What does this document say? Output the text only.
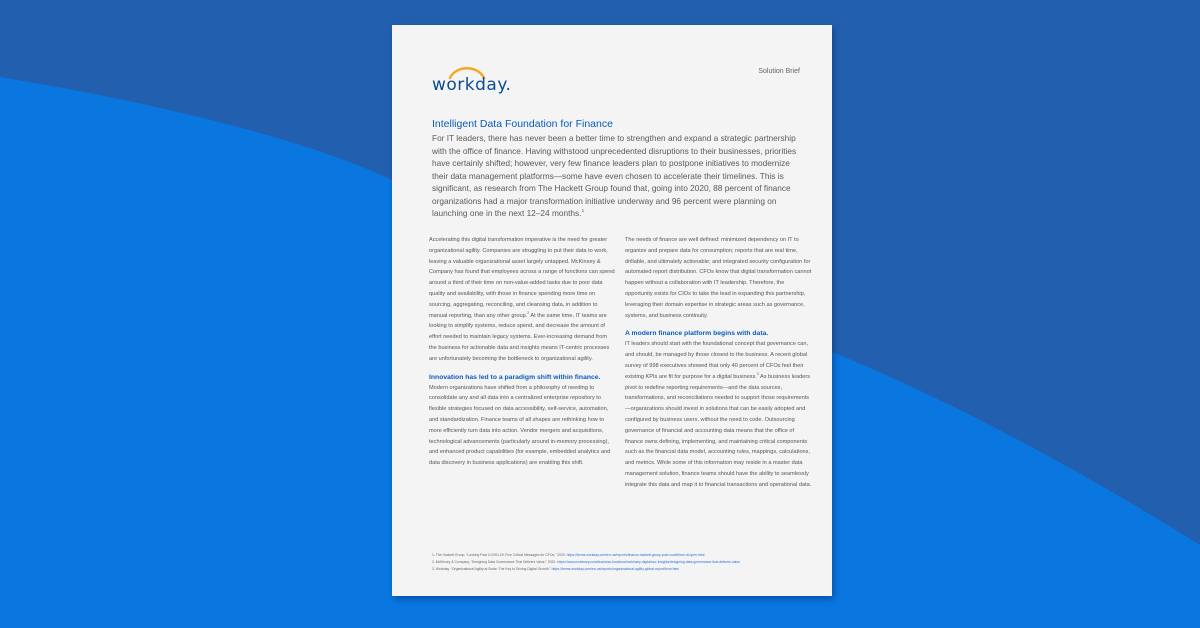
workday.
Solution Brief
Intelligent Data Foundation for Finance

For IT leaders, there has never been a better time to strengthen and expand a strategic partnership with the office of finance. Having withstood unprecedented disruptions to their businesses, priorities have certainly shifted; however, very few finance leaders plan to postpone initiatives to modernize their data management platforms—some have even chosen to accelerate their timelines. This is significant, as research from The Hackett Group found that, going into 2020, 88 percent of finance organizations had a major transformation initiative underway and 96 percent were planning on launching one in the next 12–24 months.$^1$

Accelerating this digital transformation imperative is the need for greater organizational agility. Companies are struggling to put their data to work, leaving a valuable organizational asset largely untapped. McKinsey & Company has found that employees across a range of functions can spend around a third of their time on non-value-added tasks due to poor data quality and availability, with those in finance spending more time on sourcing, aggregating, reconciling, and cleansing data, in addition to manual reporting, than any other group.$^2$ At the same time, IT teams are looking to simplify systems, reduce spend, and decrease the amount of effort needed to maintain legacy systems. Ever-increasing demand from the business for actionable data and insights means IT-centric processes are unfortunately becoming the bottleneck to organizational agility.

Innovation has led to a paradigm shift within finance.

Modern organizations have shifted from a philosophy of needing to consolidate any and all data into a centralized enterprise repository to flexible strategies focused on data accessibility, self-service, automation, and standardization. Finance teams of all shapes are rethinking how to more efficiently turn data into action. Vendor mergers and acquisitions, technological advancements (particularly around in-memory processing), and enhanced product capabilities (for example, embedded analytics and data discovery in business applications) are enabling this shift.

The needs of finance are well defined: minimized dependency on IT to organize and prepare data for consumption; reports that are real time, drillable, and ultimately actionable; and integrated security configuration for automated report distribution. CFOs know that digital transformation cannot happen without a collaboration with IT leadership. Therefore, the opportunity exists for CIOs to take the lead in expanding this partnership, leveraging their domain expertise in strategic areas such as governance, systems, and business continuity.

A modern finance platform begins with data.

IT leaders should start with the foundational concept that governance can, and should, be managed by those closest to the business. A recent global survey of 998 executives showed that only 40 percent of CFOs feel their existing KPIs are fit for purpose for a digital business.$^3$ As business leaders pivot to redefine reporting requirements—and the data sources, transformations, and reconciliations needed to support those requirements—organizations should invest in solutions that can be easily adopted and configured by business users, without the need to code. Outsourcing governance of financial and accounting data means that the office of finance owns defining, implementing, and maintaining critical components such as the financial data model, accounting rules, mappings, calculations, and metrics. While some of this information may reside in a master data management solution, finance teams should have the ability to seamlessly integrate this data and map it to financial transactions and operational data.

1. The Hackett Group, “Looking Past COVID-19: Five Critical Messages for CFOs,” 2020. https://forms.workday.com/en-us/reports/finance-hackett-group-post-covid/form.dl.open.html
2. McKinsey & Company, “Designing Data Governance That Delivers Value,” 2020. https://www.mckinsey.com/business-functions/mckinsey-digital/our-insights/designing-data-governance-that-delivers-value
3. Workday, “Organizational Agility at Scale: The Key to Driving Digital Growth.” https://forms.workday.com/en-us/reports/organizational-agility-global-report/form.html
